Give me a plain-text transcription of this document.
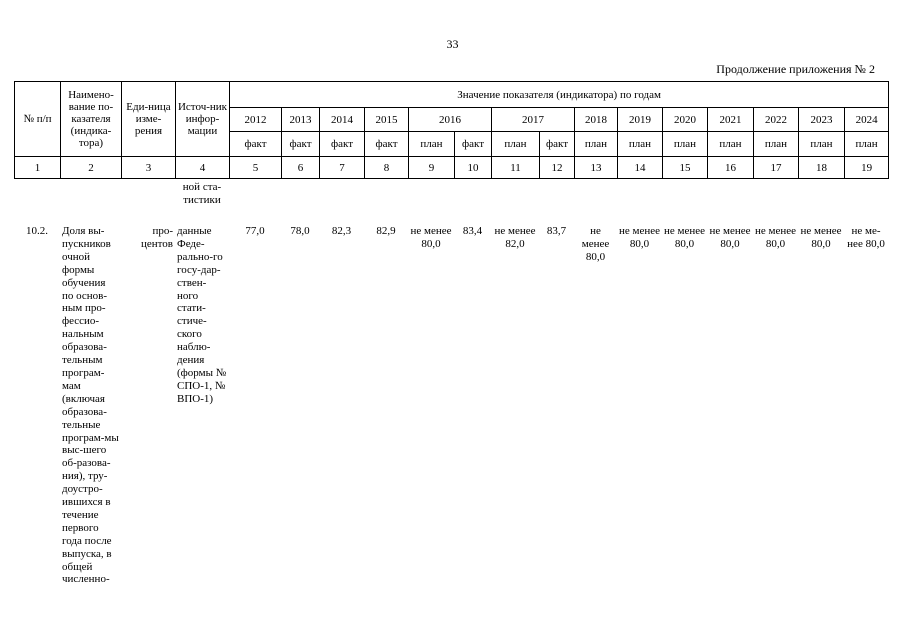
33
Продолжение приложения № 2
№ п/п	Наимено-вание по-казателя (индика-тора)	Еди-ница изме-рения	Источ-ник инфор-мации	Значение показателя (индикатора) по годам														
				2012	2013	2014	2015	2016		2017		2018	2019	2020	2021	2022	2023	2024
				факт	факт	факт	факт	план	факт	план	факт	план	план	план	план	план	план	план
1	2	3	4	5	6	7	8	9	10	11	12	13	14	15	16	17	18	19
			ной ста-тистики															
10.2.	Доля вы-пускников очной формы обучения по основ-ным про-фессио-нальным образова-тельным програм-мам (включая образова-тельные програм-мы выс-шего об-разова-ния), тру-доустро-ившихся в течение первого года после выпуска, в общей численно-	про-центов	данные Феде-рально-го госу-дар-ствен-ного стати-стиче-ского наблю-дения (формы № СПО-1, № ВПО-1)	77,0	78,0	82,3	82,9	не менее 80,0	83,4	не менее 82,0	83,7	не менее 80,0	не менее 80,0	не менее 80,0	не менее 80,0	не менее 80,0	не менее 80,0	не ме-нее 80,0
